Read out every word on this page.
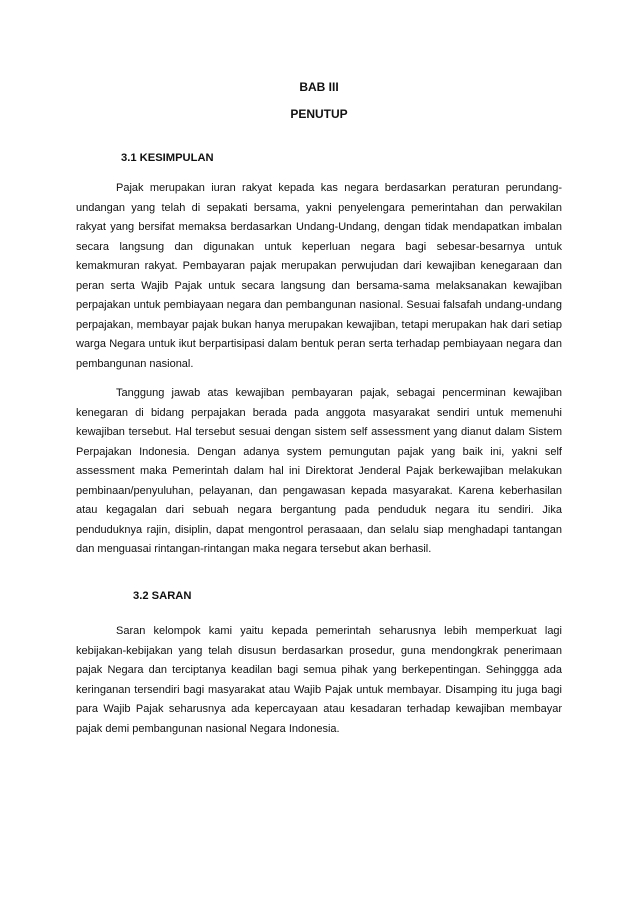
BAB III
PENUTUP
3.1 KESIMPULAN

Pajak merupakan iuran rakyat kepada kas negara berdasarkan peraturan perundang-undangan yang telah di sepakati bersama, yakni penyelengara pemerintahan dan perwakilan rakyat yang bersifat memaksa berdasarkan Undang-Undang, dengan tidak mendapatkan imbalan secara langsung dan digunakan untuk keperluan negara bagi sebesar-besarnya untuk kemakmuran rakyat. Pembayaran pajak merupakan perwujudan dari kewajiban kenegaraan dan peran serta Wajib Pajak untuk secara langsung dan bersama-sama melaksanakan kewajiban perpajakan untuk pembiayaan negara dan pembangunan nasional. Sesuai falsafah undang-undang perpajakan, membayar pajak bukan hanya merupakan kewajiban, tetapi merupakan hak dari setiap warga Negara untuk ikut berpartisipasi dalam bentuk peran serta terhadap pembiayaan negara dan pembangunan nasional.

Tanggung jawab atas kewajiban pembayaran pajak, sebagai pencerminan kewajiban kenegaran di bidang perpajakan berada pada anggota masyarakat sendiri untuk memenuhi kewajiban tersebut. Hal tersebut sesuai dengan sistem self assessment yang dianut dalam Sistem Perpajakan Indonesia. Dengan adanya system pemungutan pajak yang baik ini, yakni self assessment maka Pemerintah dalam hal ini Direktorat Jenderal Pajak berkewajiban melakukan pembinaan/penyuluhan, pelayanan, dan pengawasan kepada masyarakat. Karena keberhasilan atau kegagalan dari sebuah negara bergantung pada penduduk negara itu sendiri. Jika penduduknya rajin, disiplin, dapat mengontrol perasaaan, dan selalu siap menghadapi tantangan dan menguasai rintangan-rintangan maka negara tersebut akan berhasil.

3.2 SARAN

Saran kelompok kami yaitu kepada pemerintah seharusnya lebih memperkuat lagi kebijakan-kebijakan yang telah disusun berdasarkan prosedur, guna mendongkrak penerimaan pajak Negara dan terciptanya keadilan bagi semua pihak yang berkepentingan. Sehinggga ada keringanan tersendiri bagi masyarakat atau Wajib Pajak untuk membayar. Disamping itu juga bagi para Wajib Pajak seharusnya ada kepercayaan atau kesadaran terhadap kewajiban membayar pajak demi pembangunan nasional Negara Indonesia.
